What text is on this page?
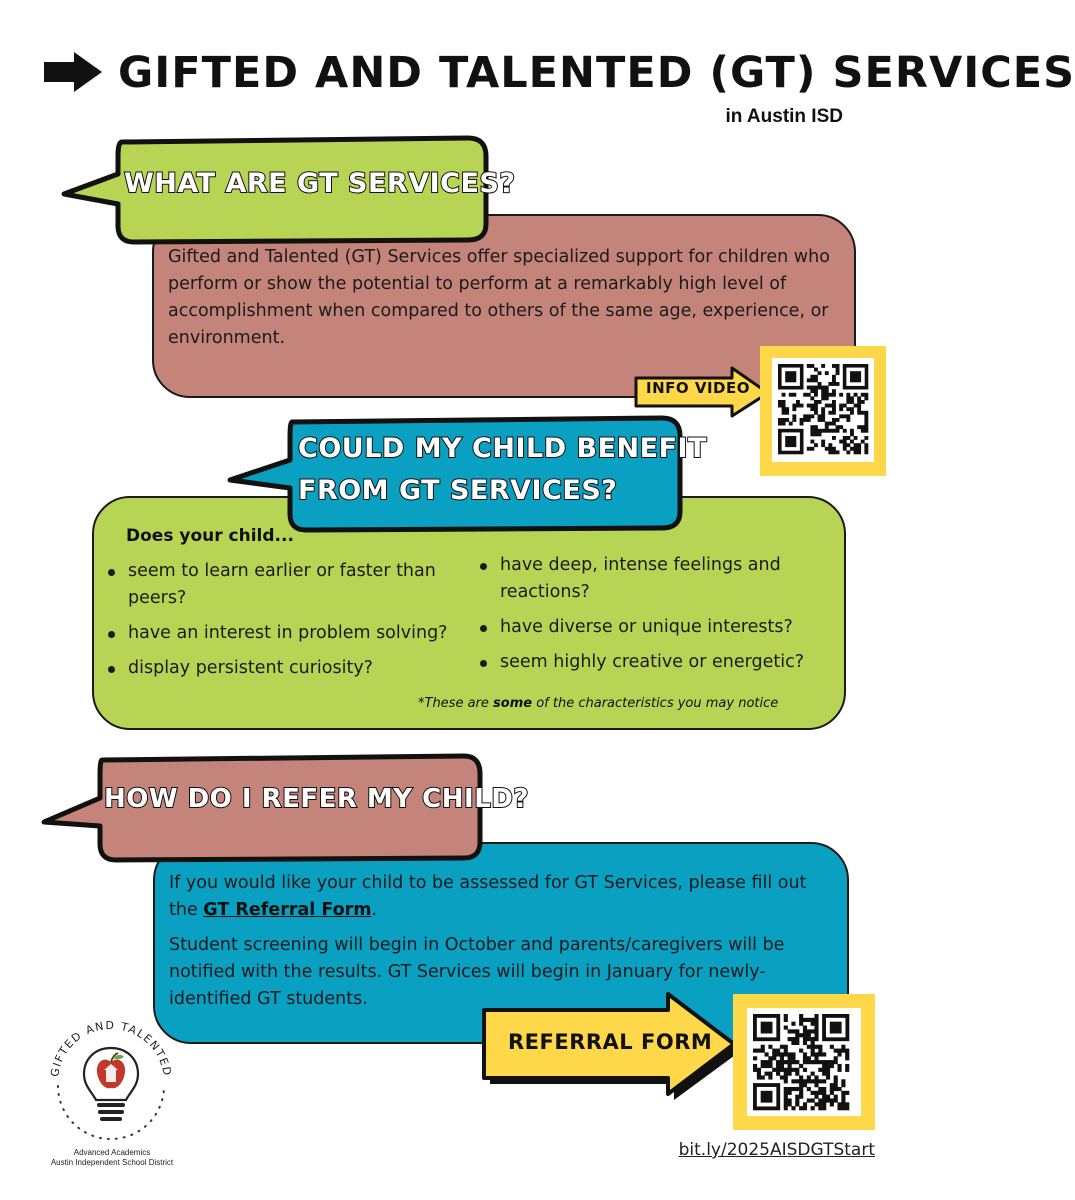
GIFTED AND TALENTED (GT) SERVICES
in Austin ISD
Gifted and Talented (GT) Services offer specialized support for children who perform or show the potential to perform at a remarkably high level of accomplishment when compared to others of the same age, experience, or environment.
WHAT ARE GT SERVICES?
INFO VIDEO
Does your child...
seem to learn earlier or faster than peers?
have an interest in problem solving?
display persistent curiosity?
have deep, intense feelings and reactions?
have diverse or unique interests?
seem highly creative or energetic?
*These are some of the characteristics you may notice
COULD MY CHILD BENEFIT
FROM GT SERVICES?
If you would like your child to be assessed for GT Services, please fill out the GT Referral Form.
Student screening will begin in October and parents/caregivers will be notified with the results. GT Services will begin in January for newly-identified GT students.
HOW DO I REFER MY CHILD?
REFERRAL FORM
bit.ly/2025AISDGTStart
GIFTED AND TALENTED
Advanced Academics
Austin Independent School District
